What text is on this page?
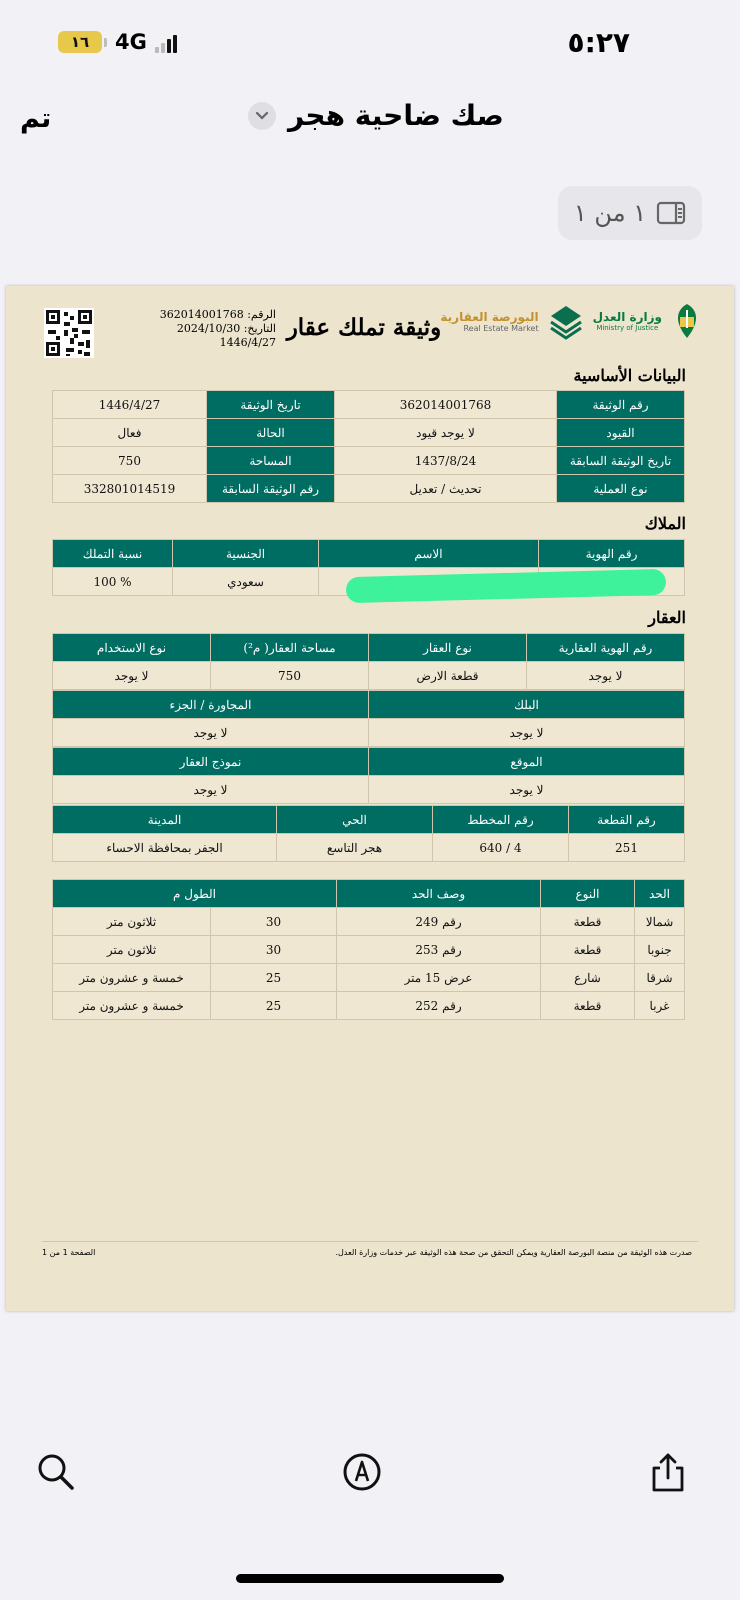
١٦	4G	٥:٢٧
تم	صك ضاحية هجر
١ من ١
الرقم: 362014001768
التاريخ: 2024/10/30
1446/4/27
وثيقة تملك عقار البورصة العقارية
Real Estate Market
وزارة العدل
Ministry of Justice
البيانات الأساسية
رقم الوثيقة	362014001768	تاريخ الوثيقة	1446/4/27
القيود	لا يوجد قيود	الحالة	فعال
تاريخ الوثيقة السابقة	1437/8/24	المساحة	750
نوع العملية	تحديث / تعديل	رقم الوثيقة السابقة	332801014519
الملاك
رقم الهوية	الاسم	الجنسية	نسبة التملك
		سعودي	% 100
العقار
رقم الهوية العقارية	نوع العقار	مساحة العقار( م²)	نوع الاستخدام
لا يوجد	قطعة الارض	750	لا يوجد
البلك	المجاورة / الجزء
لا يوجد	لا يوجد
الموقع	نموذج العقار
لا يوجد	لا يوجد
رقم القطعة	رقم المخطط	الحي	المدينة
251	4 / 640	هجر التاسع	الجفر بمحافظة الاحساء
الحد	النوع	وصف الحد	الطول م	
شمالا	قطعة	رقم 249	30	ثلاثون متر
جنوبا	قطعة	رقم 253	30	ثلاثون متر
شرقا	شارع	عرض 15 متر	25	خمسة و عشرون متر
غربا	قطعة	رقم 252	25	خمسة و عشرون متر
صدرت هذه الوثيقة من منصة البورصة العقارية ويمكن التحقق من صحة هذه الوثيقة عبر خدمات وزارة العدل.
الصفحة 1 من 1
